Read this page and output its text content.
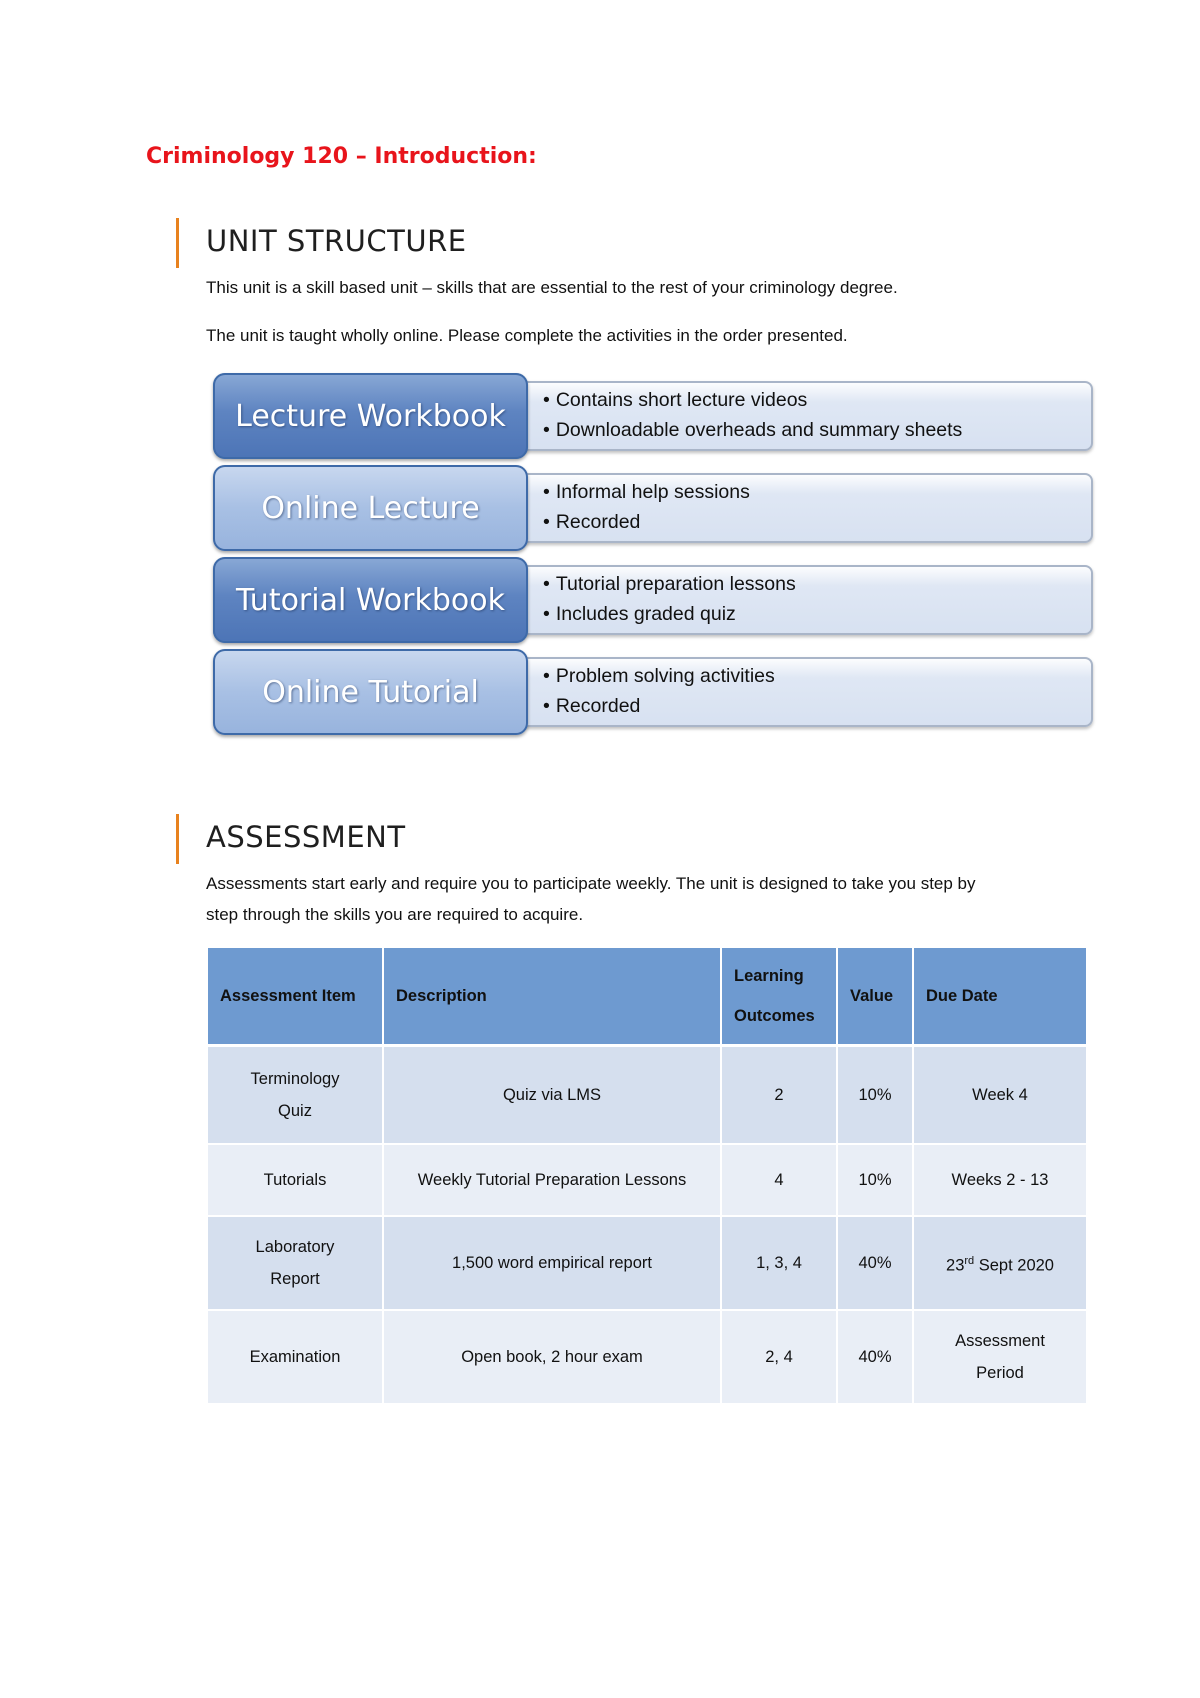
Criminology 120 – Introduction:
UNIT STRUCTURE

This unit is a skill based unit – skills that are essential to the rest of your criminology degree.

The unit is taught wholly online. Please complete the activities in the order presented.

Lecture Workbook	• Contains short lecture videos
• Downloadable overheads and summary sheets
Online Lecture	• Informal help sessions
• Recorded
Tutorial Workbook	• Tutorial preparation lessons
• Includes graded quiz
Online Tutorial	• Problem solving activities
• Recorded
ASSESSMENT

Assessments start early and require you to participate weekly. The unit is designed to take you step by

step through the skills you are required to acquire.

Assessment Item	Description	Learning Outcomes	Value	Due Date
Terminology Quiz	Quiz via LMS	2	10%	Week 4
Tutorials	Weekly Tutorial Preparation Lessons	4	10%	Weeks 2 - 13
Laboratory Report	1,500 word empirical report	1, 3, 4	40%	23rd Sept 2020
Examination	Open book, 2 hour exam	2, 4	40%	Assessment Period
